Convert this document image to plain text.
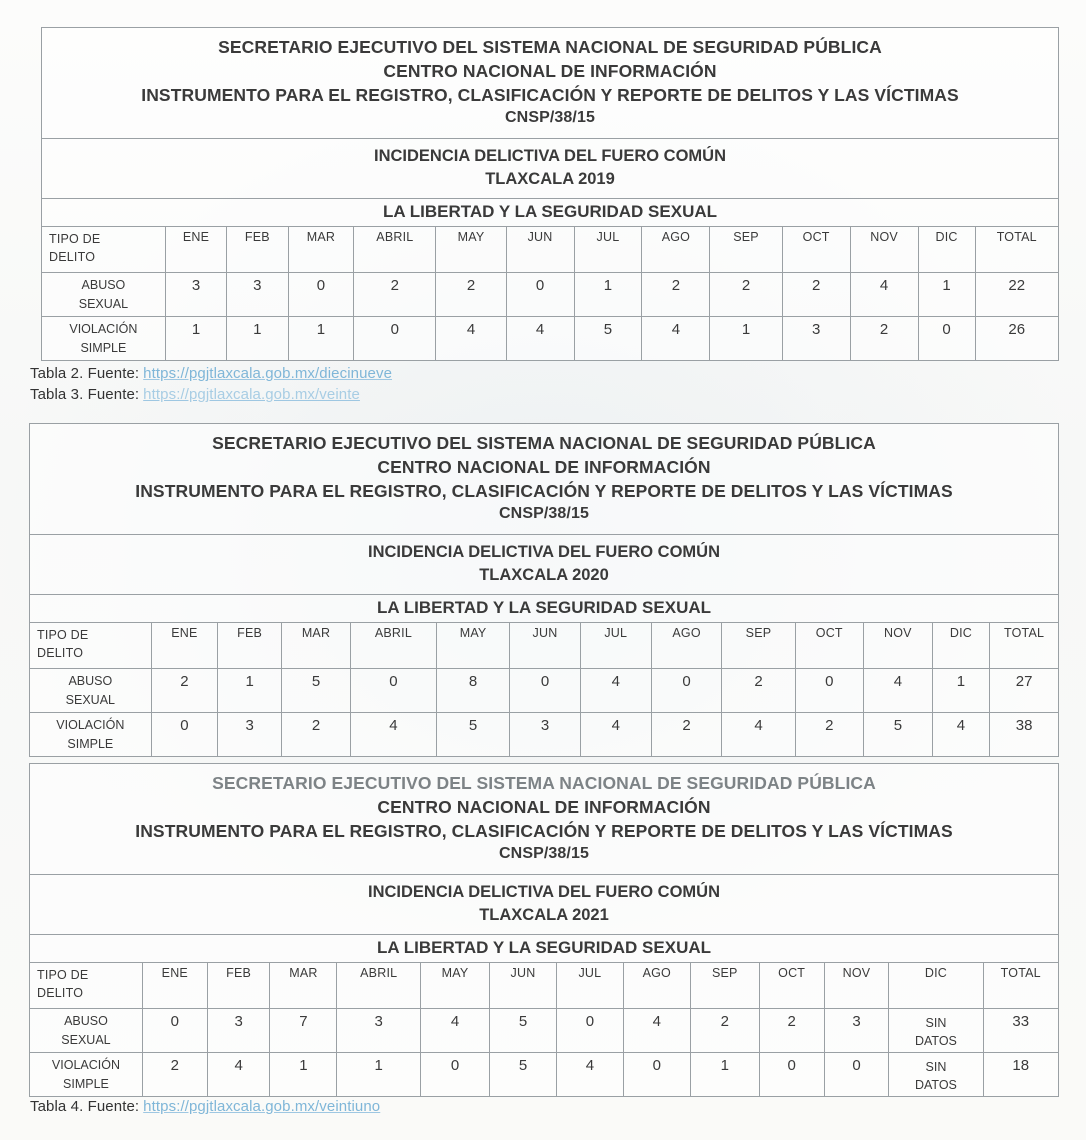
SECRETARIO EJECUTIVO DEL SISTEMA NACIONAL DE SEGURIDAD PÚBLICA
CENTRO NACIONAL DE INFORMACIÓN
INSTRUMENTO PARA EL REGISTRO, CLASIFICACIÓN Y REPORTE DE DELITOS Y LAS VÍCTIMAS
CNSP/38/15													

INCIDENCIA DELICTIVA DEL FUERO COMÚN
TLAXCALA 2019													

LA LIBERTAD Y LA SEGURIDAD SEXUAL													

TIPO DE
DELITO	ENE	FEB	MAR	ABRIL	MAY	JUN	JUL	AGO	SEP	OCT	NOV	DIC	TOTAL

ABUSO
SEXUAL	3	3	0	2	2	0	1	2	2	2	4	1	22

VIOLACIÓN
SIMPLE	1	1	1	0	4	4	5	4	1	3	2	0	26
Tabla 2. Fuente: https://pgjtlaxcala.gob.mx/diecinueve
Tabla 3. Fuente: https://pgjtlaxcala.gob.mx/veinte
SECRETARIO EJECUTIVO DEL SISTEMA NACIONAL DE SEGURIDAD PÚBLICA
CENTRO NACIONAL DE INFORMACIÓN
INSTRUMENTO PARA EL REGISTRO, CLASIFICACIÓN Y REPORTE DE DELITOS Y LAS VÍCTIMAS
CNSP/38/15													

INCIDENCIA DELICTIVA DEL FUERO COMÚN
TLAXCALA 2020													

LA LIBERTAD Y LA SEGURIDAD SEXUAL													

TIPO DE
DELITO	ENE	FEB	MAR	ABRIL	MAY	JUN	JUL	AGO	SEP	OCT	NOV	DIC	TOTAL

ABUSO
SEXUAL	2	1	5	0	8	0	4	0	2	0	4	1	27

VIOLACIÓN
SIMPLE	0	3	2	4	5	3	4	2	4	2	5	4	38
SECRETARIO EJECUTIVO DEL SISTEMA NACIONAL DE SEGURIDAD PÚBLICA
CENTRO NACIONAL DE INFORMACIÓN
INSTRUMENTO PARA EL REGISTRO, CLASIFICACIÓN Y REPORTE DE DELITOS Y LAS VÍCTIMAS
CNSP/38/15													

INCIDENCIA DELICTIVA DEL FUERO COMÚN
TLAXCALA 2021													

LA LIBERTAD Y LA SEGURIDAD SEXUAL													

TIPO DE
DELITO	ENE	FEB	MAR	ABRIL	MAY	JUN	JUL	AGO	SEP	OCT	NOV	DIC	TOTAL

ABUSO
SEXUAL	0	3	7	3	4	5	0	4	2	2	3	SIN
DATOS	33

VIOLACIÓN
SIMPLE	2	4	1	1	0	5	4	0	1	0	0	SIN
DATOS	18
Tabla 4. Fuente: https://pgjtlaxcala.gob.mx/veintiuno
